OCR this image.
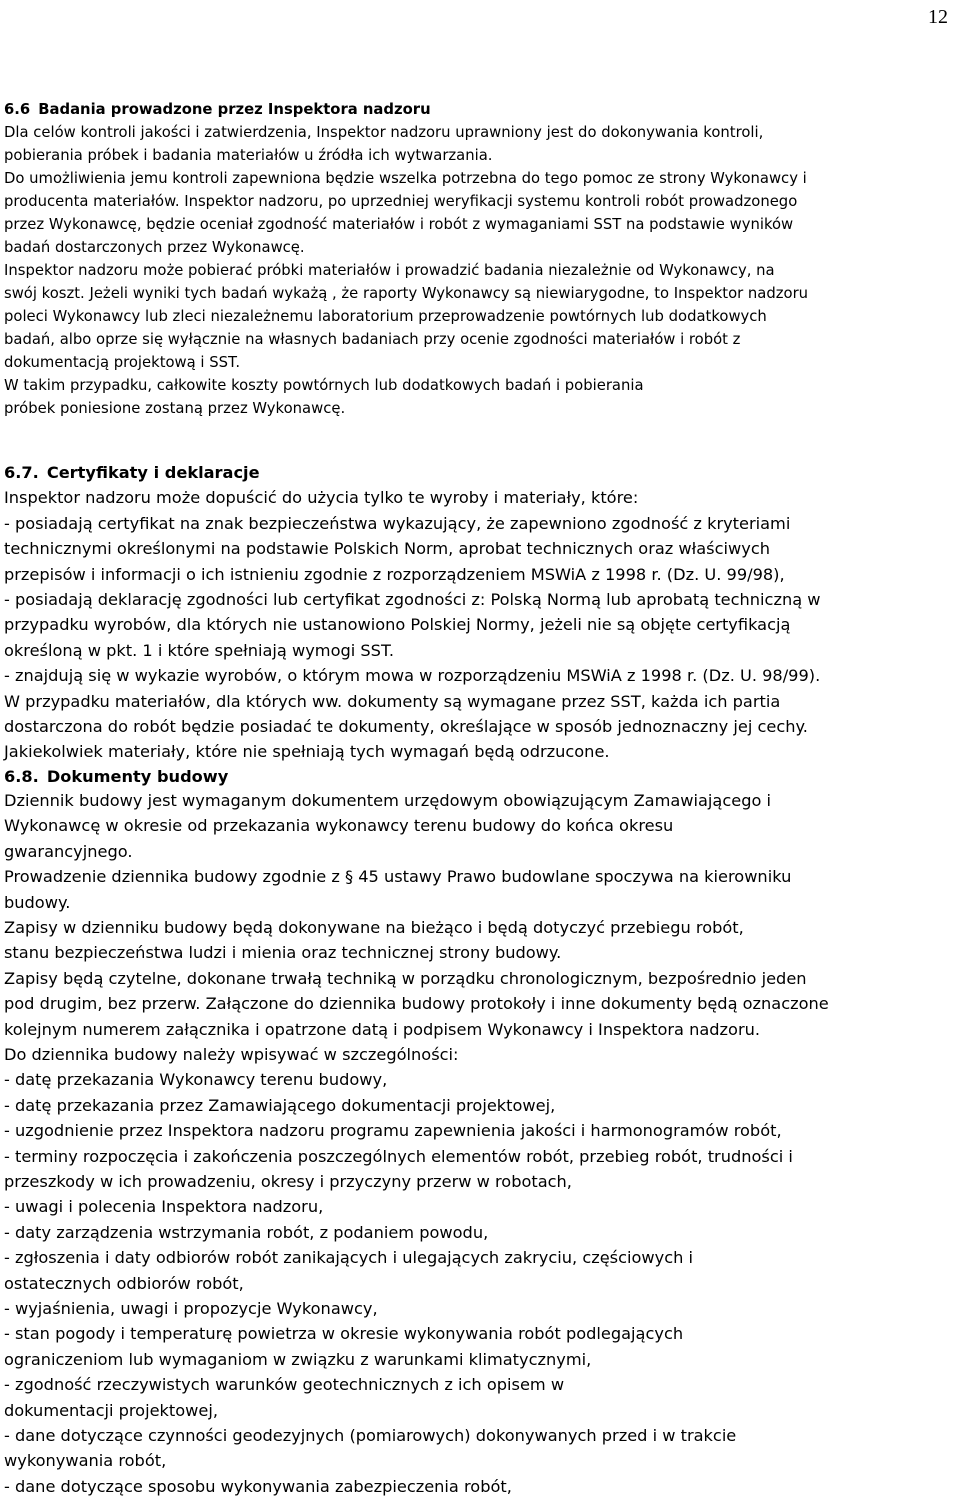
12

6.6 Badania prowadzone przez Inspektora nadzoru

Dla celów kontroli jakości i zatwierdzenia, Inspektor nadzoru uprawniony jest do dokonywania kontroli,

pobierania próbek i badania materiałów u źródła ich wytwarzania.

Do umożliwienia jemu kontroli zapewniona będzie wszelka potrzebna do tego pomoc ze strony Wykonawcy i

producenta materiałów. Inspektor nadzoru, po uprzedniej weryfikacji systemu kontroli robót prowadzonego

przez Wykonawcę, będzie oceniał zgodność materiałów i robót z wymaganiami SST na podstawie wyników

badań dostarczonych przez Wykonawcę.

Inspektor nadzoru może pobierać próbki materiałów i prowadzić badania niezależnie od Wykonawcy, na

swój koszt. Jeżeli wyniki tych badań wykażą , że raporty Wykonawcy są niewiarygodne, to Inspektor nadzoru

poleci Wykonawcy lub zleci niezależnemu laboratorium przeprowadzenie powtórnych lub dodatkowych

badań, albo oprze się wyłącznie na własnych badaniach przy ocenie zgodności materiałów i robót z

dokumentacją projektową i SST.

W takim przypadku, całkowite koszty powtórnych lub dodatkowych badań i pobierania

próbek poniesione zostaną przez Wykonawcę.

6.7. Certyfikaty i deklaracje

Inspektor nadzoru może dopuścić do użycia tylko te wyroby i materiały, które:

- posiadają certyfikat na znak bezpieczeństwa wykazujący, że zapewniono zgodność z kryteriami

technicznymi określonymi na podstawie Polskich Norm, aprobat technicznych oraz właściwych

przepisów i informacji o ich istnieniu zgodnie z rozporządzeniem MSWiA z 1998 r. (Dz. U. 99/98),

- posiadają deklarację zgodności lub certyfikat zgodności z: Polską Normą lub aprobatą techniczną w

przypadku wyrobów, dla których nie ustanowiono Polskiej Normy, jeżeli nie są objęte certyfikacją

określoną w pkt. 1 i które spełniają wymogi SST.

- znajdują się w wykazie wyrobów, o którym mowa w rozporządzeniu MSWiA z 1998 r. (Dz. U. 98/99).

W przypadku materiałów, dla których ww. dokumenty są wymagane przez SST, każda ich partia

dostarczona do robót będzie posiadać te dokumenty, określające w sposób jednoznaczny jej cechy.

Jakiekolwiek materiały, które nie spełniają tych wymagań będą odrzucone.

6.8. Dokumenty budowy

Dziennik budowy jest wymaganym dokumentem urzędowym obowiązującym Zamawiającego i

Wykonawcę w okresie od przekazania wykonawcy terenu budowy do końca okresu

gwarancyjnego.

Prowadzenie dziennika budowy zgodnie z § 45 ustawy Prawo budowlane spoczywa na kierowniku

budowy.

Zapisy w dzienniku budowy będą dokonywane na bieżąco i będą dotyczyć przebiegu robót,

stanu bezpieczeństwa ludzi i mienia oraz technicznej strony budowy.

Zapisy będą czytelne, dokonane trwałą techniką w porządku chronologicznym, bezpośrednio jeden

pod drugim, bez przerw. Załączone do dziennika budowy protokoły i inne dokumenty będą oznaczone

kolejnym numerem załącznika i opatrzone datą i podpisem Wykonawcy i Inspektora nadzoru.

Do dziennika budowy należy wpisywać w szczególności:

- datę przekazania Wykonawcy terenu budowy,

- datę przekazania przez Zamawiającego dokumentacji projektowej,

- uzgodnienie przez Inspektora nadzoru programu zapewnienia jakości i harmonogramów robót,

- terminy rozpoczęcia i zakończenia poszczególnych elementów robót, przebieg robót, trudności i

przeszkody w ich prowadzeniu, okresy i przyczyny przerw w robotach,

- uwagi i polecenia Inspektora nadzoru,

- daty zarządzenia wstrzymania robót, z podaniem powodu,

- zgłoszenia i daty odbiorów robót zanikających i ulegających zakryciu, częściowych i

ostatecznych odbiorów robót,

- wyjaśnienia, uwagi i propozycje Wykonawcy,

- stan pogody i temperaturę powietrza w okresie wykonywania robót podlegających

ograniczeniom lub wymaganiom w związku z warunkami klimatycznymi,

- zgodność rzeczywistych warunków geotechnicznych z ich opisem w

dokumentacji projektowej,

- dane dotyczące czynności geodezyjnych (pomiarowych) dokonywanych przed i w trakcie

wykonywania robót,

- dane dotyczące sposobu wykonywania zabezpieczenia robót,
